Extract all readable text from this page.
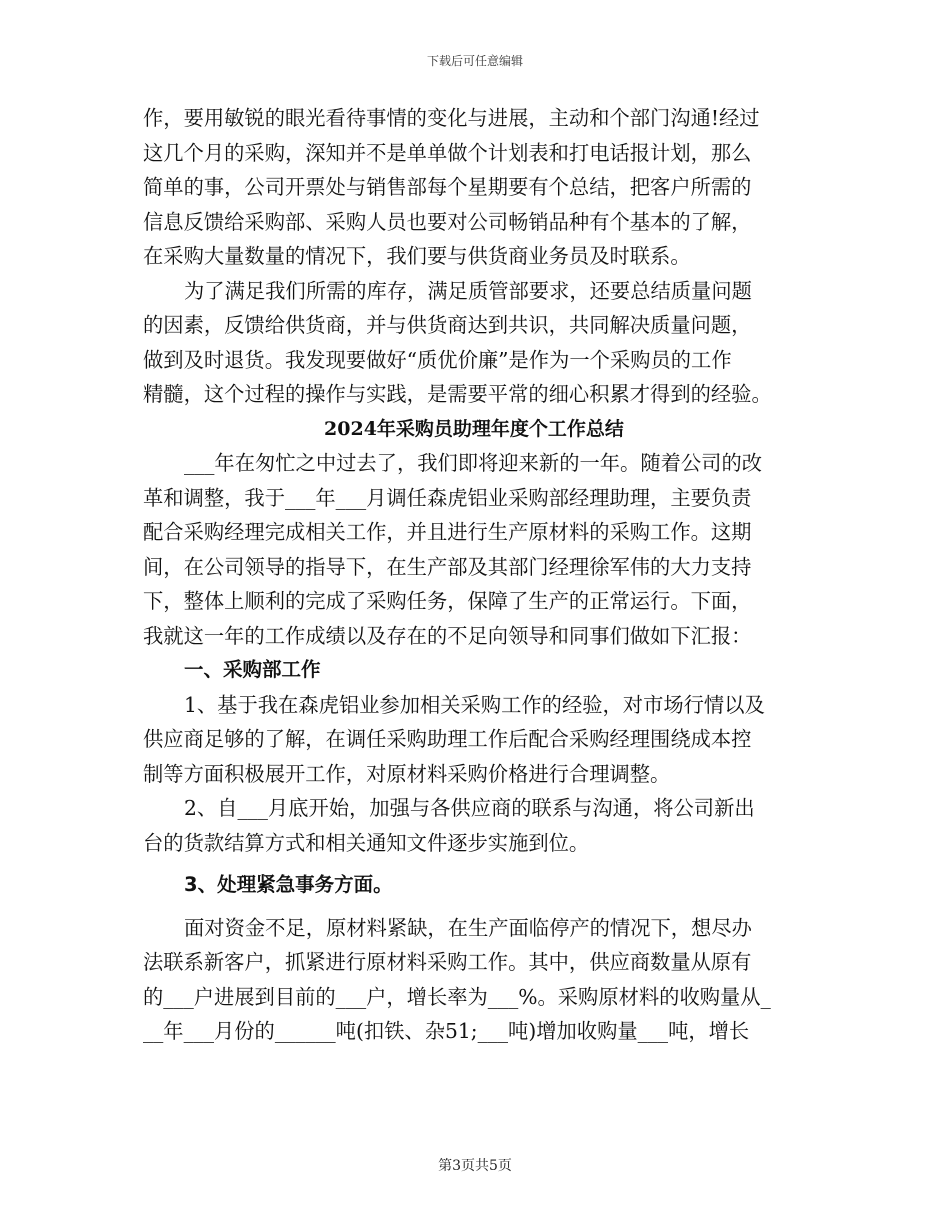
下载后可任意编辑
作，要用敏锐的眼光看待事情的变化与进展，主动和个部门沟通!经过
这几个月的采购，深知并不是单单做个计划表和打电话报计划，那么
简单的事，公司开票处与销售部每个星期要有个总结，把客户所需的
信息反馈给采购部、采购人员也要对公司畅销品种有个基本的了解，
在采购大量数量的情况下，我们要与供货商业务员及时联系。
为了满足我们所需的库存，满足质管部要求，还要总结质量问题
的因素，反馈给供货商，并与供货商达到共识，共同解决质量问题，
做到及时退货。我发现要做好“质优价廉”是作为一个采购员的工作
精髓，这个过程的操作与实践，是需要平常的细心积累才得到的经验。
2024年采购员助理年度个工作总结
___年在匆忙之中过去了，我们即将迎来新的一年。随着公司的改
革和调整，我于___年___月调任森虎铝业采购部经理助理，主要负责
配合采购经理完成相关工作，并且进行生产原材料的采购工作。这期
间，在公司领导的指导下，在生产部及其部门经理徐军伟的大力支持
下，整体上顺利的完成了采购任务，保障了生产的正常运行。下面，
我就这一年的工作成绩以及存在的不足向领导和同事们做如下汇报：
一、采购部工作
1、基于我在森虎铝业参加相关采购工作的经验，对市场行情以及
供应商足够的了解，在调任采购助理工作后配合采购经理围绕成本控
制等方面积极展开工作，对原材料采购价格进行合理调整。
2、自___月底开始，加强与各供应商的联系与沟通，将公司新出
台的货款结算方式和相关通知文件逐步实施到位。
3、处理紧急事务方面。
面对资金不足，原材料紧缺，在生产面临停产的情况下，想尽办
法联系新客户，抓紧进行原材料采购工作。其中，供应商数量从原有
的___户进展到目前的___户，增长率为___%。采购原材料的收购量从_
__年___月份的______吨(扣铁、杂51;___吨)增加收购量___吨，增长
第3页共5页
